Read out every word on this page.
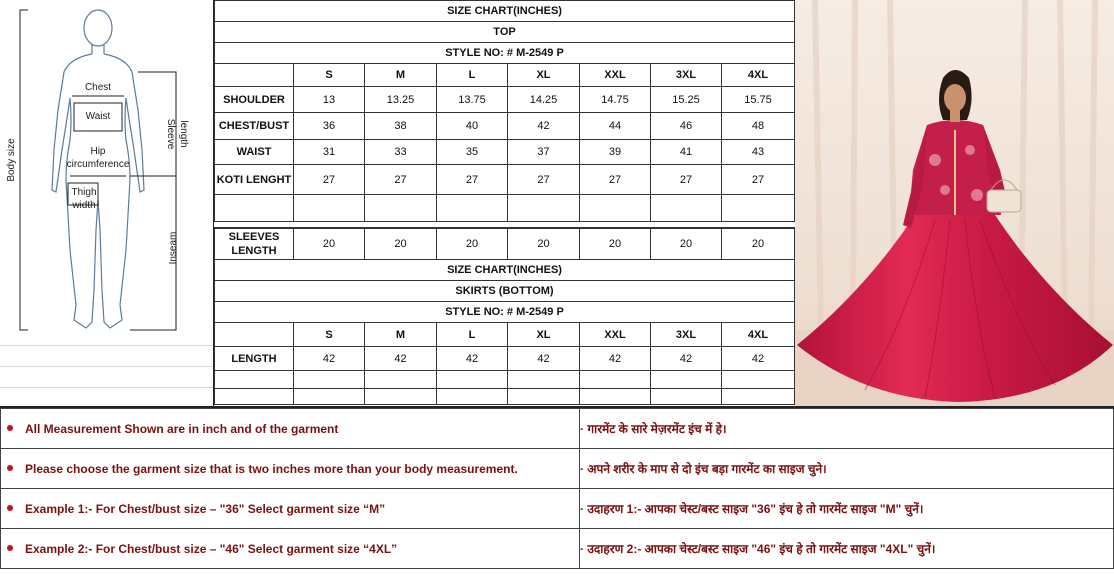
Chest
Waist
Hip
circumference
Thigh
width
Body size
Sleeve length
Inseam
SIZE CHART(INCHES)							
TOP							
STYLE NO: # M-2549 P							
	S	M	L	XL	XXL	3XL	4XL
SHOULDER	13	13.25	13.75	14.25	14.75	15.25	15.75
CHEST/BUST	36	38	40	42	44	46	48
WAIST	31	33	35	37	39	41	43
KOTI LENGHT	27	27	27	27	27	27	27

SLEEVES
LENGTH	20	20	20	20	20	20	20
SIZE CHART(INCHES)							
SKIRTS (BOTTOM)							
STYLE NO: # M-2549 P							
	S	M	L	XL	XXL	3XL	4XL
LENGTH	42	42	42	42	42	42	42

All Measurement Shown are in inch and of the garment	· गारमेंट के सारे मेज़रमेंट इंच में हे।
Please choose the garment size that is two inches more than your body measurement.	· अपने शरीर के माप से दो इंच बड़ा गारमेंट का साइज चुने।
Example 1:- For Chest/bust size – "36" Select garment size “M”	· उदाहरण 1:- आपका चेस्ट/बस्ट साइज "36" इंच हे तो गारमेंट साइज "M" चुनें।
Example 2:- For Chest/bust size – "46" Select garment size “4XL”	· उदाहरण 2:- आपका चेस्ट/बस्ट साइज "46" इंच हे तो गारमेंट साइज "4XL" चुनें।
